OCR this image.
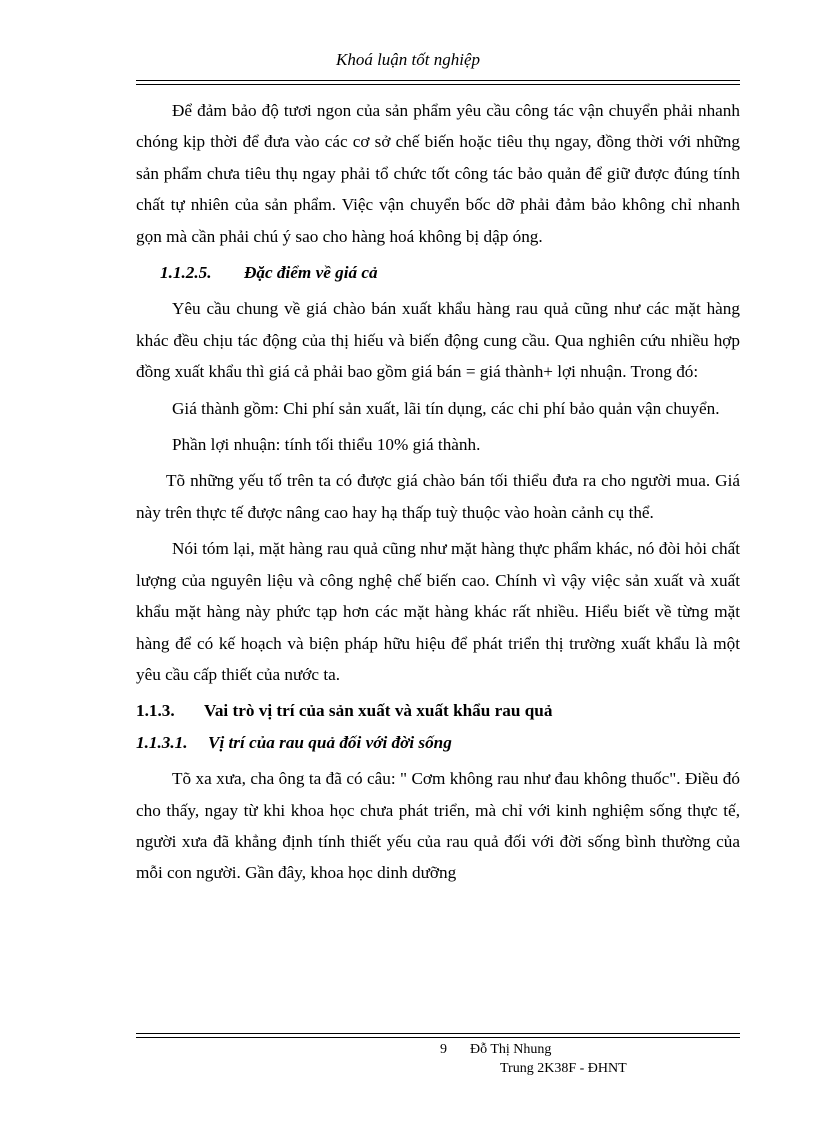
Khoá luận tốt nghiệp

Để đảm bảo độ tươi ngon của sản phẩm yêu cầu công tác vận chuyển phải nhanh chóng kịp thời để đưa vào các cơ sở chế biến hoặc tiêu thụ ngay, đồng thời với những sản phẩm chưa tiêu thụ ngay phải tổ chức tốt công tác bảo quản để giữ được đúng tính chất tự nhiên của sản phẩm. Việc vận chuyển bốc dỡ phải đảm bảo không chỉ nhanh gọn mà cần phải chú ý sao cho hàng hoá không bị dập óng.

1.1.2.5. Đặc điểm về giá cả

Yêu cầu chung về giá chào bán xuất khẩu hàng rau quả cũng như các mặt hàng khác đều chịu tác động của thị hiếu và biến động cung cầu. Qua nghiên cứu nhiều hợp đồng xuất khẩu thì giá cả phải bao gồm giá bán = giá thành+ lợi nhuận. Trong đó:

Giá thành gồm: Chi phí sản xuất, lãi tín dụng, các chi phí bảo quản vận chuyển.

Phần lợi nhuận: tính tối thiểu 10% giá thành.

Tõ những yếu tố trên ta có được giá chào bán tối thiểu đưa ra cho người mua. Giá này trên thực tế được nâng cao hay hạ thấp tuỳ thuộc vào hoàn cảnh cụ thể.

Nói tóm lại, mặt hàng rau quả cũng như mặt hàng thực phẩm khác, nó đòi hỏi chất lượng của nguyên liệu và công nghệ chế biến cao. Chính vì vậy việc sản xuất và xuất khẩu mặt hàng này phức tạp hơn các mặt hàng khác rất nhiều. Hiểu biết về từng mặt hàng để có kế hoạch và biện pháp hữu hiệu để phát triển thị trường xuất khẩu là một yêu cầu cấp thiết của nước ta.

1.1.3. Vai trò vị trí của sản xuất và xuất khẩu rau quả

1.1.3.1. Vị trí của rau quả đối với đời sống

Tõ xa xưa, cha ông ta đã có câu: " Cơm không rau như đau không thuốc". Điều đó cho thấy, ngay từ khi khoa học chưa phát triển, mà chỉ với kinh nghiệm sống thực tế, người xưa đã khẳng định tính thiết yếu của rau quả đối với đời sống bình thường của mỗi con người. Gần đây, khoa học dinh dưỡng

9 Đỗ Thị Nhung
Trung 2K38F - ĐHNT
